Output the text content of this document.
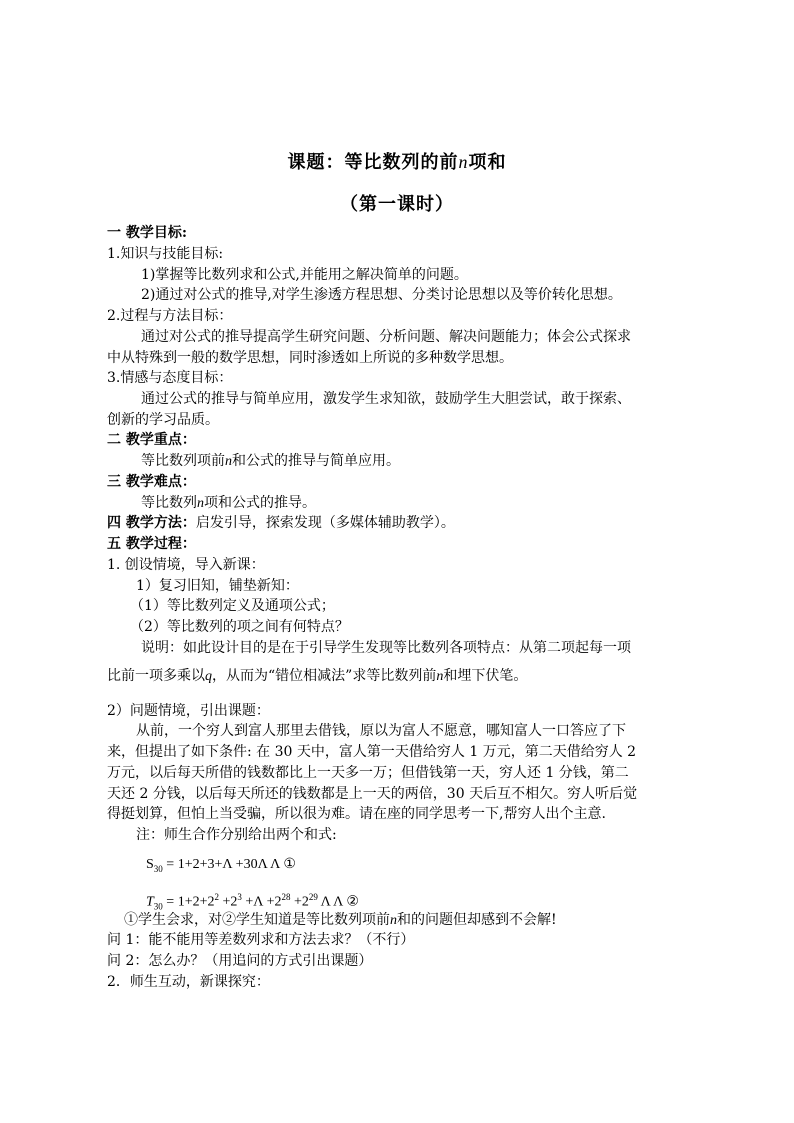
课题：等比数列的前n项和
（第一课时）
一 教学目标:
1.知识与技能目标:
1)掌握等比数列求和公式,并能用之解决简单的问题。
2)通过对公式的推导,对学生渗透方程思想、分类讨论思想以及等价转化思想。
2.过程与方法目标：
通过对公式的推导提高学生研究问题、分析问题、解决问题能力；体会公式探求
中从特殊到一般的数学思想，同时渗透如上所说的多种数学思想。
3.情感与态度目标：
通过公式的推导与简单应用，激发学生求知欲，鼓励学生大胆尝试，敢于探索、
创新的学习品质。
二 教学重点：
等比数列项前n和公式的推导与简单应用。
三 教学难点：
等比数列n项和公式的推导。
四 教学方法：启发引导，探索发现（多媒体辅助教学）。
五 教学过程：
1. 创设情境，导入新课：
1）复习旧知，铺垫新知：
（1）等比数列定义及通项公式；
（2）等比数列的项之间有何特点？
说明：如此设计目的是在于引导学生发现等比数列各项特点：从第二项起每一项
比前一项多乘以q，从而为“错位相减法”求等比数列前n和埋下伏笔。
2）问题情境，引出课题：
从前，一个穷人到富人那里去借钱，原以为富人不愿意，哪知富人一口答应了下
来，但提出了如下条件: 在 30 天中，富人第一天借给穷人 1 万元，第二天借给穷人 2
万元，以后每天所借的钱数都比上一天多一万；但借钱第一天，穷人还 1 分钱，第二
天还 2 分钱，以后每天所还的钱数都是上一天的两倍，30 天后互不相欠。穷人听后觉
得挺划算，但怕上当受骗，所以很为难。请在座的同学思考一下,帮穷人出个主意.
注：师生合作分别给出两个和式:
$S_{30} = 1+2+3+\Lambda +30\Lambda$ Λ ①
$T_{30} = 1+2+2^2 +2^3 +\Lambda +2^{28} +2^{29}$ Λ Λ ②
①学生会求，对②学生知道是等比数列项前n和的问题但却感到不会解!
问 1：能不能用等差数列求和方法去求？（不行）
问 2：怎么办？（用追问的方式引出课题）
2．师生互动，新课探究：
